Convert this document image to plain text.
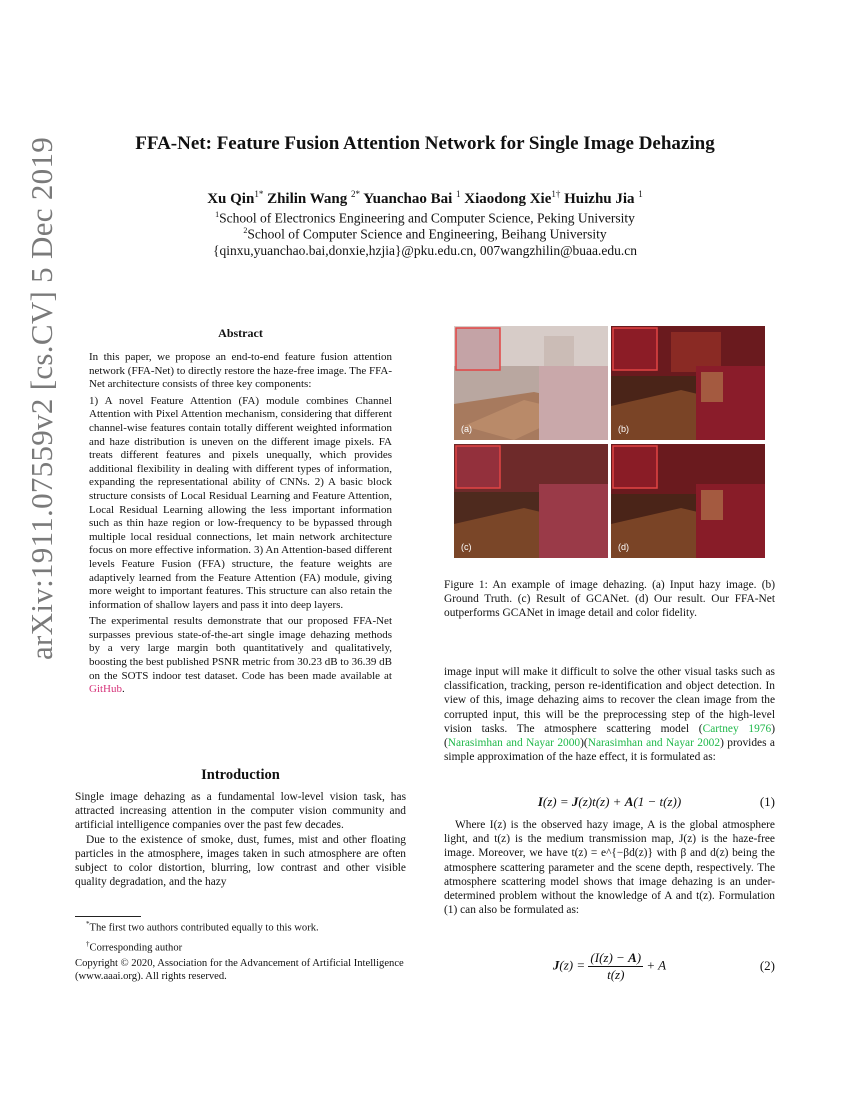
arXiv:1911.07559v2 [cs.CV] 5 Dec 2019	FFA-Net: Feature Fusion Attention Network for Single Image Dehazing
Xu Qin$^{1*}$ Zhilin Wang $^{2*}$ Yuanchao Bai $^1$ Xiaodong Xie$^{1\dagger}$ Huizhu Jia $^1$
$^1$School of Electronics Engineering and Computer Science, Peking University
$^2$School of Computer Science and Engineering, Beihang University
{qinxu,yuanchao.bai,donxie,hzjia}@pku.edu.cn, 007wangzhilin@buaa.edu.cn
Abstract

In this paper, we propose an end-to-end feature fusion attention network (FFA-Net) to directly restore the haze-free image. The FFA-Net architecture consists of three key components:

1) A novel Feature Attention (FA) module combines Channel Attention with Pixel Attention mechanism, considering that different channel-wise features contain totally different weighted information and haze distribution is uneven on the different image pixels. FA treats different features and pixels unequally, which provides additional flexibility in dealing with different types of information, expanding the representational ability of CNNs. 2) A basic block structure consists of Local Residual Learning and Feature Attention, Local Residual Learning allowing the less important information such as thin haze region or low-frequency to be bypassed through multiple local residual connections, let main network architecture focus on more effective information. 3) An Attention-based different levels Feature Fusion (FFA) structure, the feature weights are adaptively learned from the Feature Attention (FA) module, giving more weight to important features. This structure can also retain the information of shallow layers and pass it into deep layers.

The experimental results demonstrate that our proposed FFA-Net surpasses previous state-of-the-art single image dehazing methods by a very large margin both quantitatively and qualitatively, boosting the best published PSNR metric from 30.23 dB to 36.39 dB on the SOTS indoor test dataset. Code has been made available at GitHub.

Introduction

Single image dehazing as a fundamental low-level vision task, has attracted increasing attention in the computer vision community and artificial intelligence companies over the past few decades.

Due to the existence of smoke, dust, fumes, mist and other floating particles in the atmosphere, images taken in such atmosphere are often subject to color distortion, blurring, low contrast and other visible quality degradation, and the hazy

*The first two authors contributed equally to this work.
†Corresponding author
Copyright © 2020, Association for the Advancement of Artificial Intelligence (www.aaai.org). All rights reserved.
(a)	(b)
(c)	(d)
Figure 1: An example of image dehazing. (a) Input hazy image. (b) Ground Truth. (c) Result of GCANet. (d) Our result. Our FFA-Net outperforms GCANet in image detail and color fidelity.

image input will make it difficult to solve the other visual tasks such as classification, tracking, person re-identification and object detection. In view of this, image dehazing aims to recover the clean image from the corrupted input, this will be the preprocessing step of the high-level vision tasks. The atmosphere scattering model (Cartney 1976)(Narasimhan and Nayar 2000)(Narasimhan and Nayar 2002) provides a simple approximation of the haze effect, it is formulated as:

I(z) = J(z)t(z) + A(1 − t(z))	(1)
Where I(z) is the observed hazy image, A is the global atmosphere light, and t(z) is the medium transmission map, J(z) is the haze-free image. Moreover, we have t(z) = e^{−βd(z)} with β and d(z) being the atmosphere scattering parameter and the scene depth, respectively. The atmosphere scattering model shows that image dehazing is an under-determined problem without the knowledge of A and t(z). Formulation (1) can also be formulated as:
$J(z) = \frac{(I(z) - A)}{t(z)} + A$	(2)
